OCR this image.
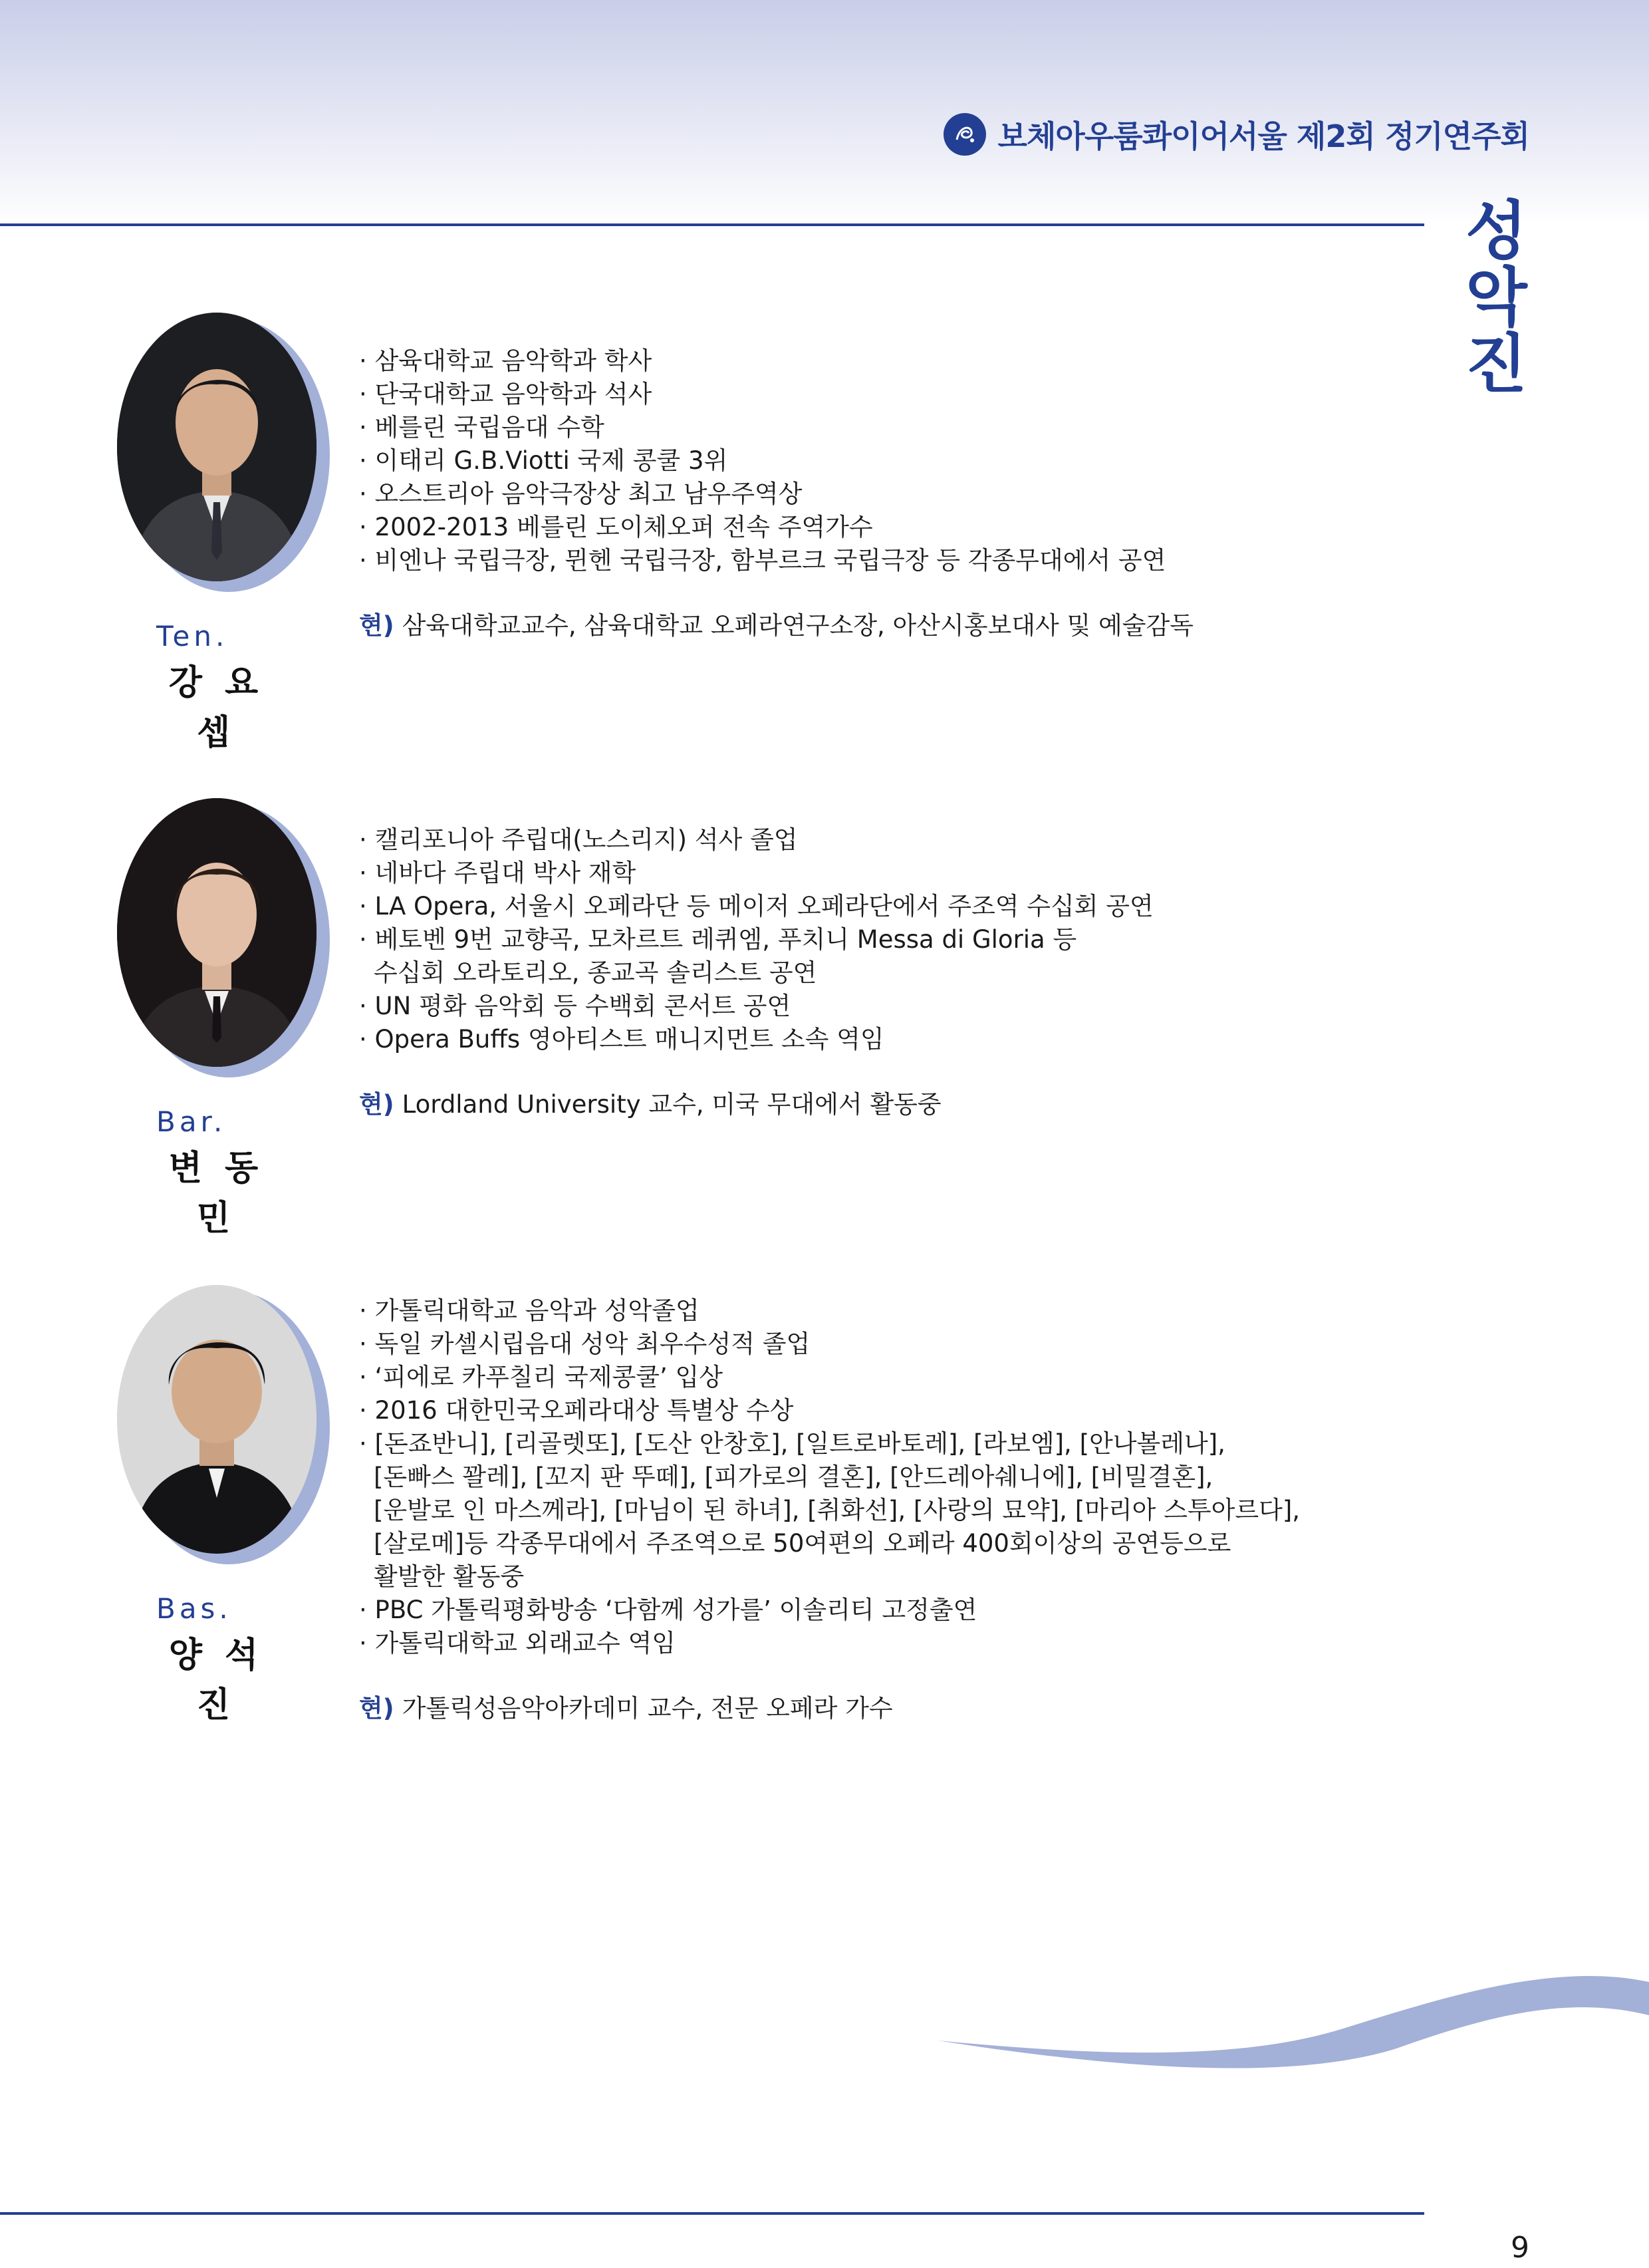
보체아우룸콰이어서울 제2회 정기연주회
성악진
Ten.
강요셉
· 삼육대학교 음악학과 학사
· 단국대학교 음악학과 석사
· 베를린 국립음대 수학
· 이태리 G.B.Viotti 국제 콩쿨 3위
· 오스트리아 음악극장상 최고 남우주역상
· 2002-2013 베를린 도이체오퍼 전속 주역가수
· 비엔나 국립극장, 뮌헨 국립극장, 함부르크 국립극장 등 각종무대에서 공연
현) 삼육대학교교수, 삼육대학교 오페라연구소장, 아산시홍보대사 및 예술감독
Bar.
변동민
· 캘리포니아 주립대(노스리지) 석사 졸업
· 네바다 주립대 박사 재학
· LA Opera, 서울시 오페라단 등 메이저 오페라단에서 주조역 수십회 공연
· 베토벤 9번 교향곡, 모차르트 레퀴엠, 푸치니 Messa di Gloria 등
수십회 오라토리오, 종교곡 솔리스트 공연
· UN 평화 음악회 등 수백회 콘서트 공연
· Opera Buffs 영아티스트 매니지먼트 소속 역임
현) Lordland University 교수, 미국 무대에서 활동중
Bas.
양석진
· 가톨릭대학교 음악과 성악졸업
· 독일 카셀시립음대 성악 최우수성적 졸업
· ‘피에로 카푸칠리 국제콩쿨’ 입상
· 2016 대한민국오페라대상 특별상 수상
· [돈죠반니], [리골렛또], [도산 안창호], [일트로바토레], [라보엠], [안나볼레나],
[돈빠스 꽐레], [꼬지 판 뚜떼], [피가로의 결혼], [안드레아쉐니에], [비밀결혼],
[운발로 인 마스께라], [마님이 된 하녀], [취화선], [사랑의 묘약], [마리아 스투아르다],
[살로메]등 각종무대에서 주조역으로 50여편의 오페라 400회이상의 공연등으로
활발한 활동중
· PBC 가톨릭평화방송 ‘다함께 성가를’ 이솔리티 고정출연
· 가톨릭대학교 외래교수 역임
현) 가톨릭성음악아카데미 교수, 전문 오페라 가수
9
